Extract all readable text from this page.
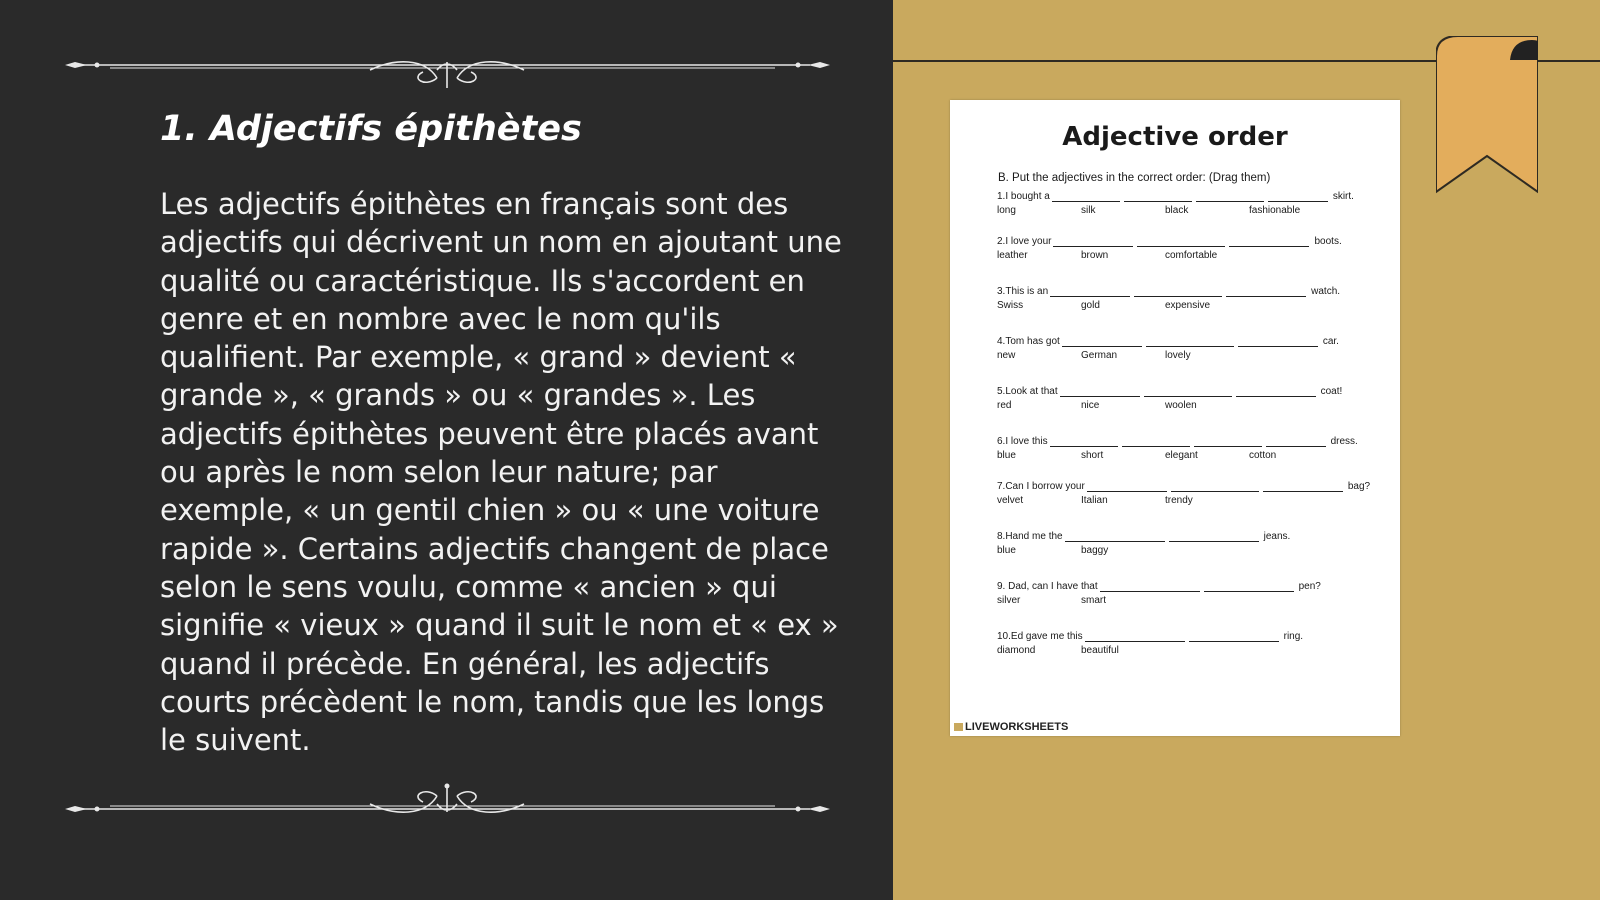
1. Adjectifs épithètes

Les adjectifs épithètes en français sont des adjectifs qui décrivent un nom en ajoutant une qualité ou caractéristique. Ils s'accordent en genre et en nombre avec le nom qu'ils qualifient. Par exemple, « grand » devient « grande », « grands » ou « grandes ». Les adjectifs épithètes peuvent être placés avant ou après le nom selon leur nature; par exemple, « un gentil chien » ou « une voiture rapide ». Certains adjectifs changent de place selon le sens voulu, comme « ancien » qui signifie « vieux » quand il suit le nom et « ex » quand il précède. En général, les adjectifs courts précèdent le nom, tandis que les longs le suivent.

Adjective order
B. Put the adjectives in the correct order: (Drag them)
1.I bought a	skirt.
long	silk	black	fashionable
2.I love your	boots.
leather	brown	comfortable
3.This is an	watch.
Swiss	gold	expensive
4.Tom has got	car.
new	German	lovely
5.Look at that	coat!
red	nice	woolen
6.I love this	dress.
blue	short	elegant	cotton
7.Can I borrow your	bag?
velvet	Italian	trendy
8.Hand me the	jeans.
blue	baggy
9. Dad, can I have that	pen?
silver	smart
10.Ed gave me this	ring.
diamond	beautiful
LIVEWORKSHEETS
